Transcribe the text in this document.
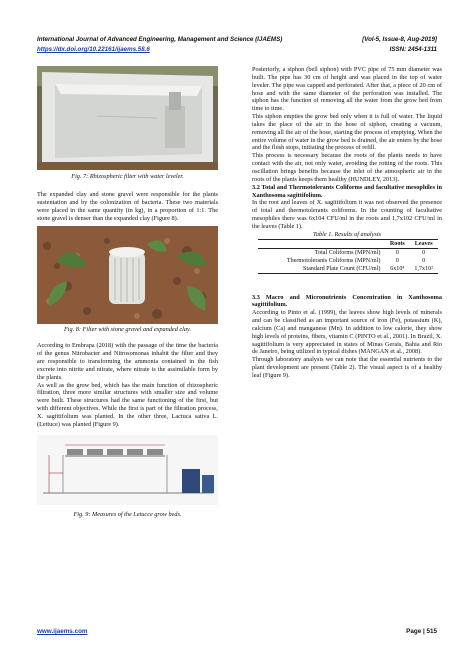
International Journal of Advanced Engineering, Management and Science (IJAEMS)	[Vol-5, Issue-8, Aug-2019]
https://dx.doi.org/10.22161/ijaems.58.6	ISSN: 2454-1311

Fig. 7: Rhizospheric filter with water leveler.

The expanded clay and stone gravel were responsible for the plants sustentation and by the colonization of bacteria. These two materials were placed in the same quantity (in kg), in a proportion of 1:1. The stone gravel is denser than the expanded clay (Figure 8).

Fig. 8: Filter with stone gravel and expanded clay.

According to Embrapa (2018) with the passage of the time the bacteria of the genus Nitrobacter and Nitrosomonas inhabit the filter and they are responsible to transforming the ammonia contained in the fish excrete into nitrite and nitrate, where nitrate is the assimilable form by the plants.

As well as the grow bed, which has the main function of rhizospheric filtration, three more similar structures with smaller size and volume were built. These structures had the same functioning of the first, but with different objectives. While the first is part of the filtration process, X. sagittifolium was planted. In the other three, Lactuca sativa L. (Lettuce) was planted (Figure 9).

Fig. 9: Measures of the Letucce grow beds.

Posteriorly, a siphon (bell siphon) with PVC pipe of 75 mm diameter was built. The pipe has 30 cm of height and was placed in the top of water leveler. The pipe was capped and perforated. After that, a piece of 20 cm of hose and with the same diameter of the perforation was installed. The siphon has the function of removing all the water from the grow bed from time to time.

This siphon empties the grow bed only when it is full of water. The liquid takes the place of the air in the hose of siphon, creating a vacuum, removing all the air of the hose, starting the process of emptying. When the entire volume of water in the grow bed is drained, the air enters by the hose and the flush stops, initiating the process of refill.

This process is necessary because the roots of the plants needs to have contact with the air, not only water, avoiding the rotting of the roots. This oscillation brings benefits because the inlet of the atmospheric air in the roots of the plants keeps them healthy (HUNDLEY, 2013).

3.2 Total and Thermotolerants Coliforms and facultative mesophiles in Xanthosoma sagittifolium.

In the root and leaves of X. sagittifolium it was not observed the presence of total and thermotolerants coliforms. In the counting of facultative mesophiles there was 6x104 CFU/ml in the roots and 1,7x102 CFU/ml in the leaves (Table 1).

Table 1. Results of analysis

	Roots	Leaves
Total Coliforms (MPN/ml)	0	0
Thermotolerants Coliforms (MPN/ml)	0	0
Standard Plate Count (CFU/ml)	6x10⁴	1,7x10²

3.3 Macro and Micronutrients Concentration in Xanthosoma sagittifolium.

According to Pinto et al. (1999), the leaves show high levels of minerals and can be classified as an important source of iron (Fe), potassium (K), calcium (Ca) and manganese (Mn). In addition to low calorie, they show high levels of proteins, fibers, vitamin C (PINTO et al., 2001). In Brazil, X. sagittifolium is very appreciated in states of Minas Gerais, Bahia and Rio de Janeiro, being utilized in typical dishes (MANGAN et al., 2008).

Through laboratory analysis we can note that the essential nutrients to the plant development are present (Table 2). The visual aspect is of a healthy leaf (Figure 9).

www.ijaems.com	Page | 515
